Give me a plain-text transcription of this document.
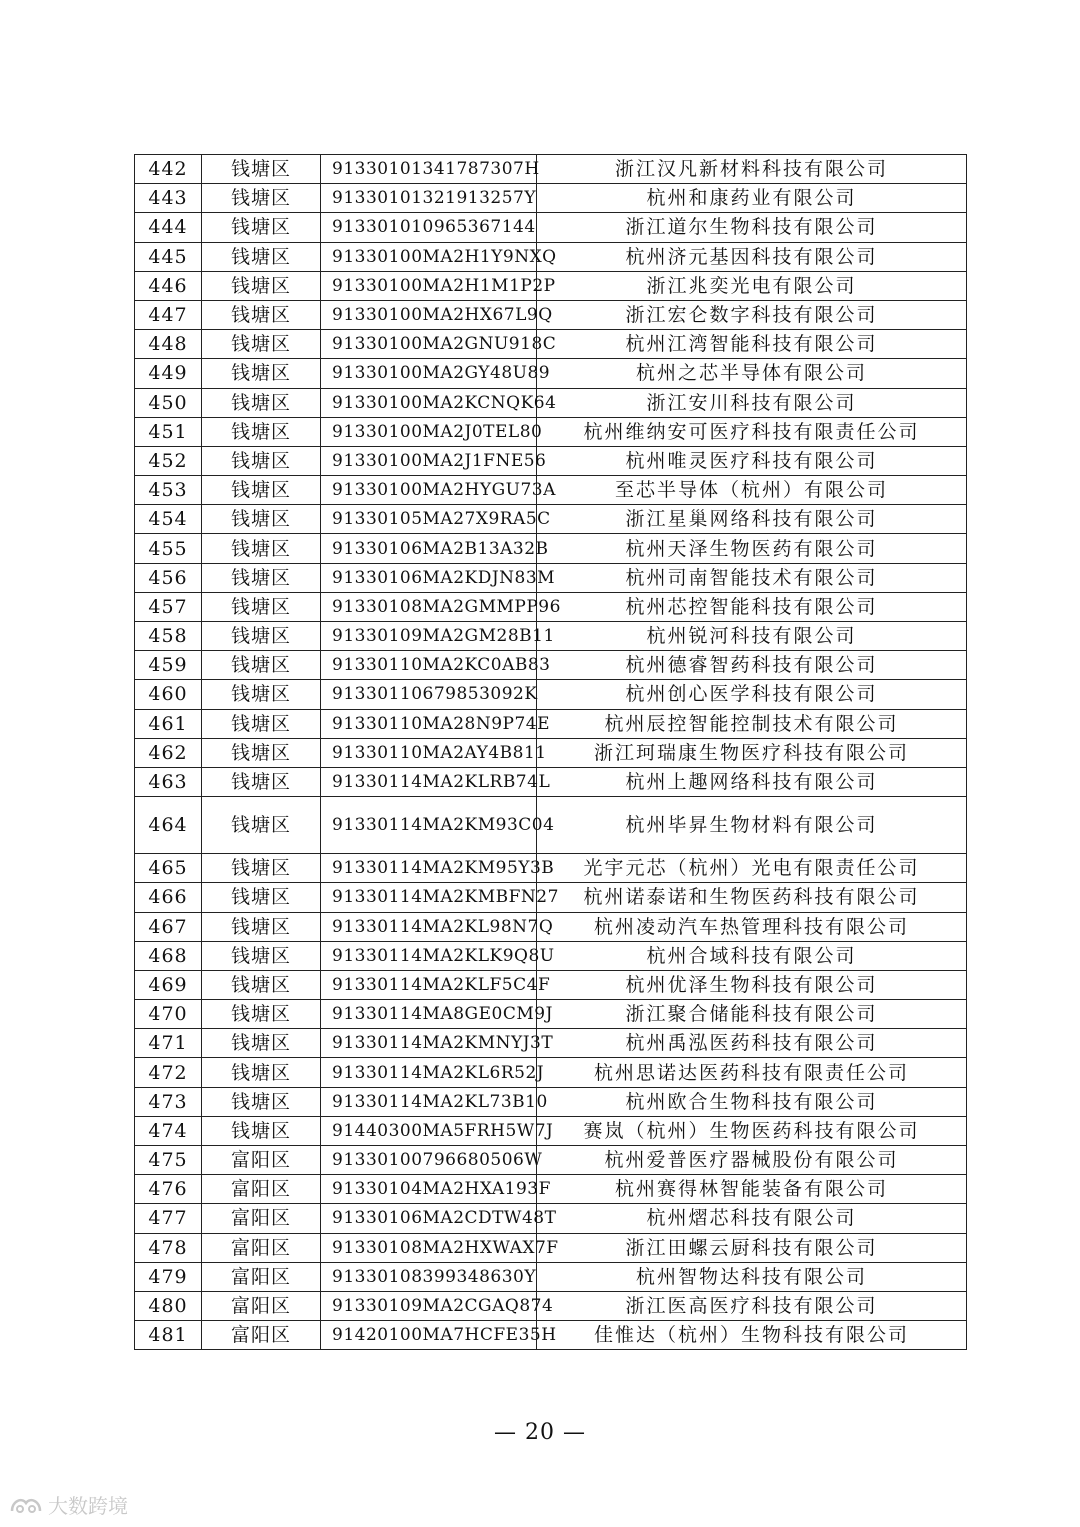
442	钱塘区	91330101341787307H	浙江汉凡新材料科技有限公司
443	钱塘区	91330101321913257Y	杭州和康药业有限公司
444	钱塘区	913301010965367144	浙江道尔生物科技有限公司
445	钱塘区	91330100MA2H1Y9NXQ	杭州济元基因科技有限公司
446	钱塘区	91330100MA2H1M1P2P	浙江兆奕光电有限公司
447	钱塘区	91330100MA2HX67L9Q	浙江宏仑数字科技有限公司
448	钱塘区	91330100MA2GNU918C	杭州江湾智能科技有限公司
449	钱塘区	91330100MA2GY48U89	杭州之芯半导体有限公司
450	钱塘区	91330100MA2KCNQK64	浙江安川科技有限公司
451	钱塘区	91330100MA2J0TEL80	杭州维纳安可医疗科技有限责任公司
452	钱塘区	91330100MA2J1FNE56	杭州唯灵医疗科技有限公司
453	钱塘区	91330100MA2HYGU73A	至芯半导体（杭州）有限公司
454	钱塘区	91330105MA27X9RA5C	浙江星巢网络科技有限公司
455	钱塘区	91330106MA2B13A32B	杭州天泽生物医药有限公司
456	钱塘区	91330106MA2KDJN83M	杭州司南智能技术有限公司
457	钱塘区	91330108MA2GMMPP96	杭州芯控智能科技有限公司
458	钱塘区	91330109MA2GM28B11	杭州锐河科技有限公司
459	钱塘区	91330110MA2KC0AB83	杭州德睿智药科技有限公司
460	钱塘区	91330110679853092K	杭州创心医学科技有限公司
461	钱塘区	91330110MA28N9P74E	杭州辰控智能控制技术有限公司
462	钱塘区	91330110MA2AY4B811	浙江珂瑞康生物医疗科技有限公司
463	钱塘区	91330114MA2KLRB74L	杭州上趣网络科技有限公司
464	钱塘区	91330114MA2KM93C04	杭州毕昇生物材料有限公司
465	钱塘区	91330114MA2KM95Y3B	光宇元芯（杭州）光电有限责任公司
466	钱塘区	91330114MA2KMBFN27	杭州诺泰诺和生物医药科技有限公司
467	钱塘区	91330114MA2KL98N7Q	杭州凌动汽车热管理科技有限公司
468	钱塘区	91330114MA2KLK9Q8U	杭州合域科技有限公司
469	钱塘区	91330114MA2KLF5C4F	杭州优泽生物科技有限公司
470	钱塘区	91330114MA8GE0CM9J	浙江聚合储能科技有限公司
471	钱塘区	91330114MA2KMNYJ3T	杭州禹泓医药科技有限公司
472	钱塘区	91330114MA2KL6R52J	杭州思诺达医药科技有限责任公司
473	钱塘区	91330114MA2KL73B10	杭州欧合生物科技有限公司
474	钱塘区	91440300MA5FRH5W7J	赛岚（杭州）生物医药科技有限公司
475	富阳区	91330100796680506W	杭州爱普医疗器械股份有限公司
476	富阳区	91330104MA2HXA193F	杭州赛得林智能装备有限公司
477	富阳区	91330106MA2CDTW48T	杭州熠芯科技有限公司
478	富阳区	91330108MA2HXWAX7F	浙江田螺云厨科技有限公司
479	富阳区	91330108399348630Y	杭州智物达科技有限公司
480	富阳区	91330109MA2CGAQ874	浙江医高医疗科技有限公司
481	富阳区	91420100MA7HCFE35H	佳惟达（杭州）生物科技有限公司
— 20 —
大数跨境
